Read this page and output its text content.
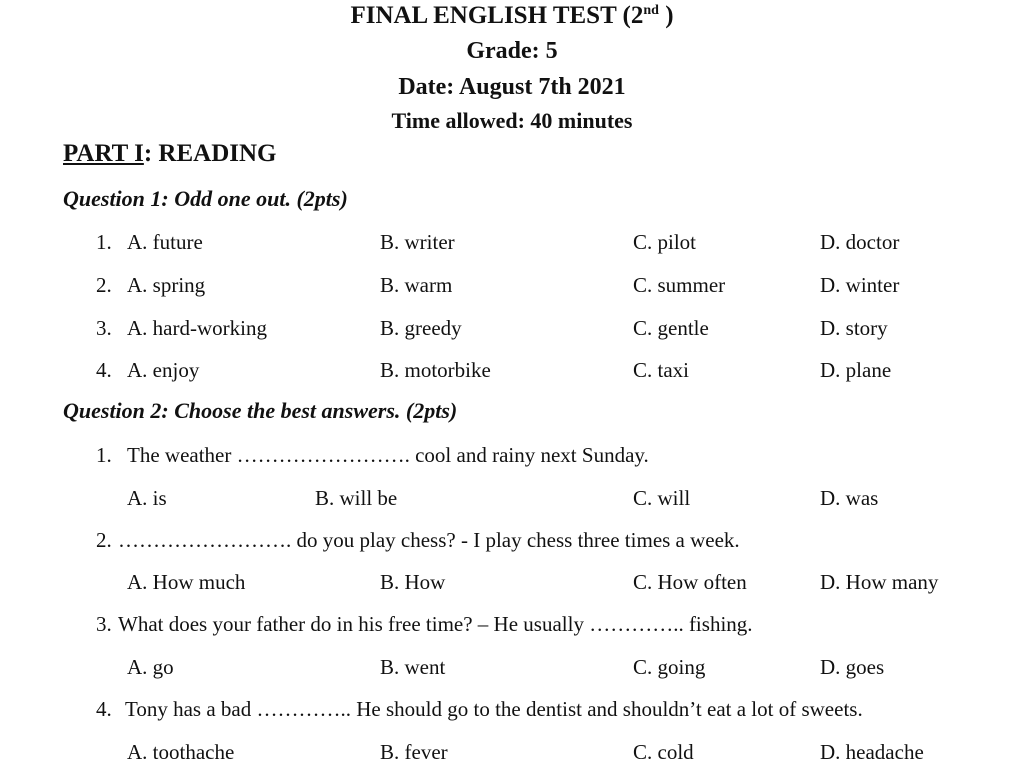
FINAL ENGLISH TEST (2nd )
Grade: 5
Date: August 7th 2021
Time allowed: 40 minutes
PART I: READING
Question 1: Odd one out. (2pts)
1. A. future	B. writer	C. pilot	D. doctor
2. A. spring	B. warm	C. summer	D. winter
3. A. hard-working	B. greedy	C. gentle	D. story
4. A. enjoy	B. motorbike	C. taxi	D. plane
Question 2: Choose the best answers. (2pts)
1. The weather ……………………. cool and rainy next Sunday.
A. is	B. will be	C. will	D. was
2. ……………………. do you play chess? - I play chess three times a week.
A. How much	B. How	C. How often	D. How many
3. What does your father do in his free time? – He usually ………….. fishing.
A. go	B. went	C. going	D. goes
4. Tony has a bad ………….. He should go to the dentist and shouldn’t eat a lot of sweets.
A. toothache	B. fever	C. cold	D. headache
